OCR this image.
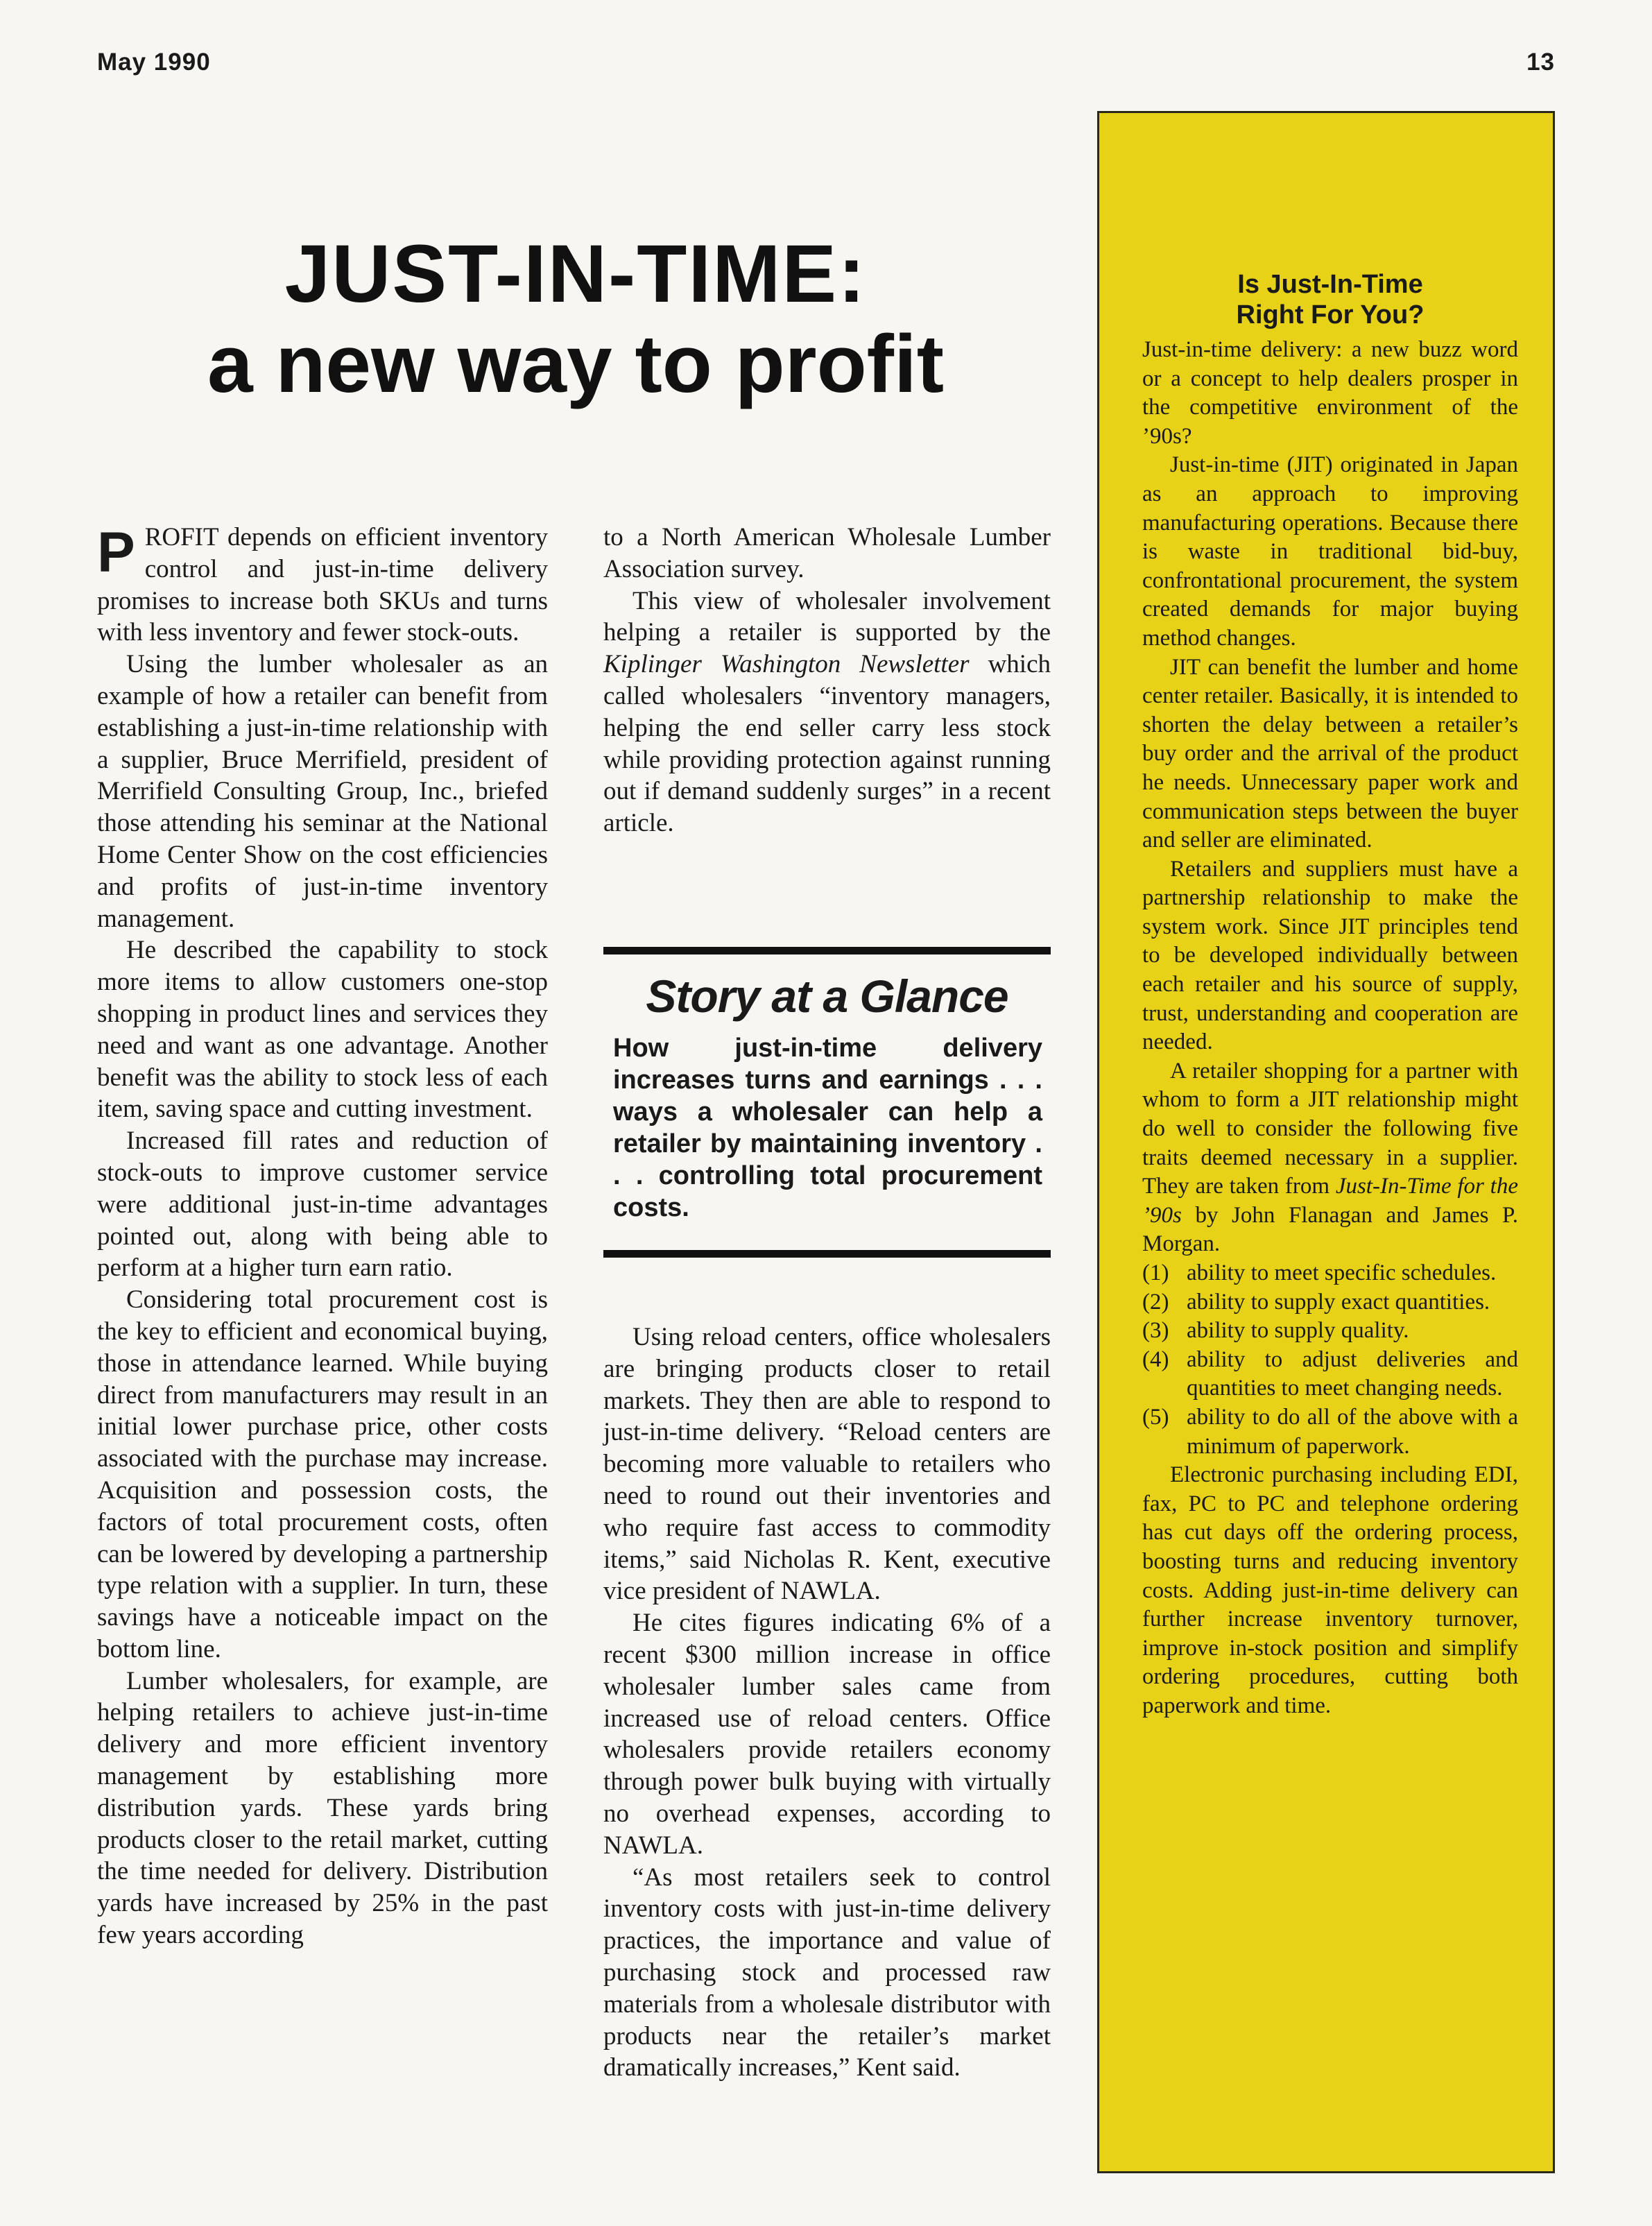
May 1990	13
JUST-IN-TIME:
a new way to profit

PROFIT depends on efficient inventory control and just-in-time delivery promises to increase both SKUs and turns with less inventory and fewer stock-outs.

Using the lumber wholesaler as an example of how a retailer can benefit from establishing a just-in-time relationship with a supplier, Bruce Merrifield, president of Merrifield Consulting Group, Inc., briefed those attending his seminar at the National Home Center Show on the cost efficiencies and profits of just-in-time inventory management.

He described the capability to stock more items to allow customers one-stop shopping in product lines and services they need and want as one advantage. Another benefit was the ability to stock less of each item, saving space and cutting investment.

Increased fill rates and reduction of stock-outs to improve customer service were additional just-in-time advantages pointed out, along with being able to perform at a higher turn earn ratio.

Considering total procurement cost is the key to efficient and economical buying, those in attendance learned. While buying direct from manufacturers may result in an initial lower purchase price, other costs associated with the purchase may increase. Acquisition and possession costs, the factors of total procurement costs, often can be lowered by developing a partnership type relation with a supplier. In turn, these savings have a noticeable impact on the bottom line.

Lumber wholesalers, for example, are helping retailers to achieve just-in-time delivery and more efficient inventory management by establishing more distribution yards. These yards bring products closer to the retail market, cutting the time needed for delivery. Distribution yards have increased by 25% in the past few years according

to a North American Wholesale Lumber Association survey.

This view of wholesaler involvement helping a retailer is supported by the Kiplinger Washington Newsletter which called wholesalers “inventory managers, helping the end seller carry less stock while providing protection against running out if demand suddenly surges” in a recent article.

Story at a Glance
How just-in-time delivery increases turns and earnings . . . ways a wholesaler can help a retailer by maintaining inventory . . . controlling total procurement costs.

Using reload centers, office wholesalers are bringing products closer to retail markets. They then are able to respond to just-in-time delivery. “Reload centers are becoming more valuable to retailers who need to round out their inventories and who require fast access to commodity items,” said Nicholas R. Kent, executive vice president of NAWLA.

He cites figures indicating 6% of a recent $300 million increase in office wholesaler lumber sales came from increased use of reload centers. Office wholesalers provide retailers economy through power bulk buying with virtually no overhead expenses, according to NAWLA.

“As most retailers seek to control inventory costs with just-in-time delivery practices, the importance and value of purchasing stock and processed raw materials from a wholesale distributor with products near the retailer’s market dramatically increases,” Kent said.

Is Just-In-Time
Right For You?

Just-in-time delivery: a new buzz word or a concept to help dealers prosper in the competitive environment of the ’90s?

Just-in-time (JIT) originated in Japan as an approach to improving manufacturing operations. Because there is waste in traditional bid-buy, confrontational procurement, the system created demands for major buying method changes.

JIT can benefit the lumber and home center retailer. Basically, it is intended to shorten the delay between a retailer’s buy order and the arrival of the product he needs. Unnecessary paper work and communication steps between the buyer and seller are eliminated.

Retailers and suppliers must have a partnership relationship to make the system work. Since JIT principles tend to be developed individually between each retailer and his source of supply, trust, understanding and cooperation are needed.

A retailer shopping for a partner with whom to form a JIT relationship might do well to consider the following five traits deemed necessary in a supplier. They are taken from Just-In-Time for the ’90s by John Flanagan and James P. Morgan.

(1) ability to meet specific schedules.
(2) ability to supply exact quantities.
(3) ability to supply quality.
(4) ability to adjust deliveries and quantities to meet changing needs.
(5) ability to do all of the above with a minimum of paperwork.

Electronic purchasing including EDI, fax, PC to PC and telephone ordering has cut days off the ordering process, boosting turns and reducing inventory costs. Adding just-in-time delivery can further increase inventory turnover, improve in-stock position and simplify ordering procedures, cutting both paperwork and time.
